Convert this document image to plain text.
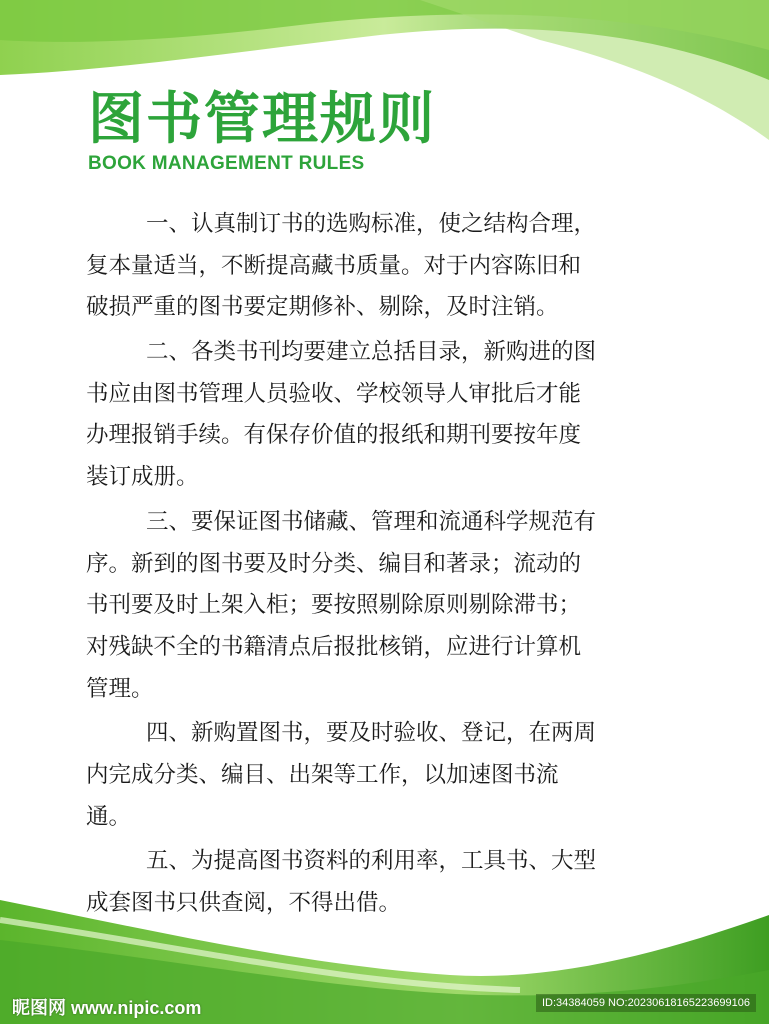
图书管理规则
BOOK MANAGEMENT RULES
一、认真制订书的选购标准，使之结构合理，
复本量适当，不断提高藏书质量。对于内容陈旧和
破损严重的图书要定期修补、剔除，及时注销。
二、各类书刊均要建立总括目录，新购进的图
书应由图书管理人员验收、学校领导人审批后才能
办理报销手续。有保存价值的报纸和期刊要按年度
装订成册。
三、要保证图书储藏、管理和流通科学规范有
序。新到的图书要及时分类、编目和著录；流动的
书刊要及时上架入柜；要按照剔除原则剔除滞书；
对残缺不全的书籍清点后报批核销，应进行计算机
管理。
四、新购置图书，要及时验收、登记，在两周
内完成分类、编目、出架等工作，以加速图书流
通。
五、为提高图书资料的利用率，工具书、大型
成套图书只供查阅，不得出借。
昵图网 www.nipic.com	ID:34384059 NO:20230618165223699106
